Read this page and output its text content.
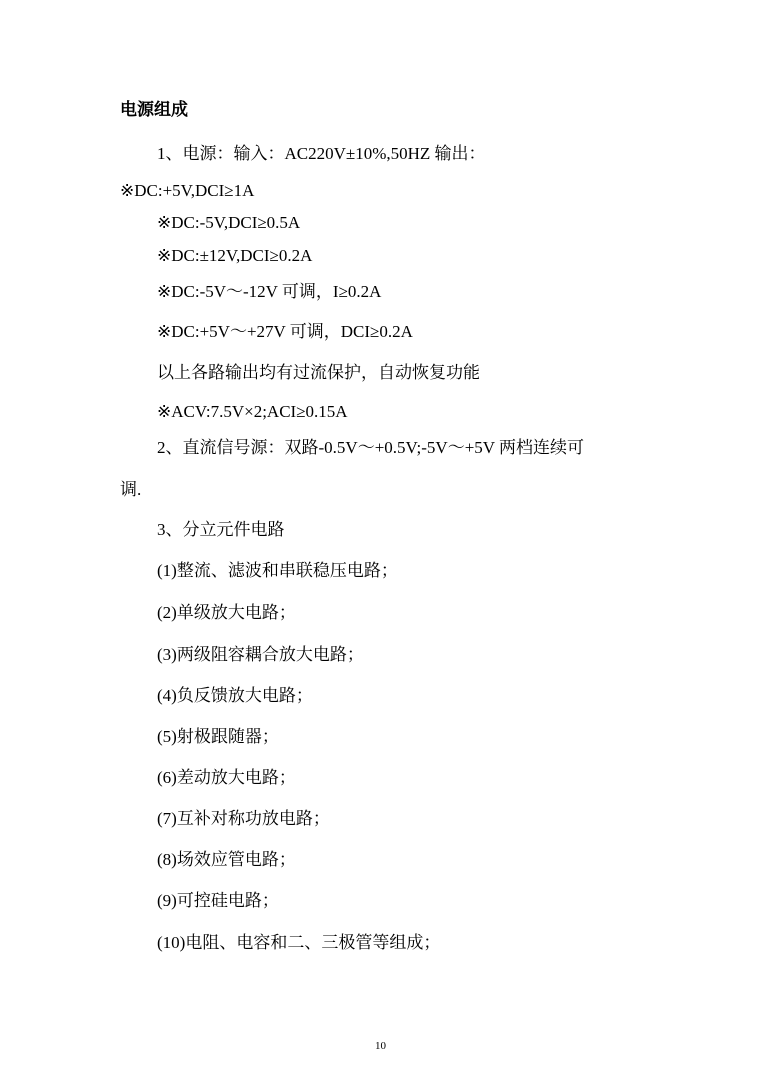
电源组成
1、电源：输入：AC220V±10%,50HZ 输出：
※DC:+5V,DCI≥1A
※DC:-5V,DCI≥0.5A
※DC:±12V,DCI≥0.2A
※DC:-5V～-12V 可调，I≥0.2A
※DC:+5V～+27V 可调，DCI≥0.2A
以上各路输出均有过流保护，自动恢复功能
※ACV:7.5V×2;ACI≥0.15A
2、直流信号源：双路-0.5V～+0.5V;-5V～+5V 两档连续可
调.
3、分立元件电路
(1)整流、滤波和串联稳压电路；
(2)单级放大电路；
(3)两级阻容耦合放大电路；
(4)负反馈放大电路；
(5)射极跟随器；
(6)差动放大电路；
(7)互补对称功放电路；
(8)场效应管电路；
(9)可控硅电路；
(10)电阻、电容和二、三极管等组成；
10
